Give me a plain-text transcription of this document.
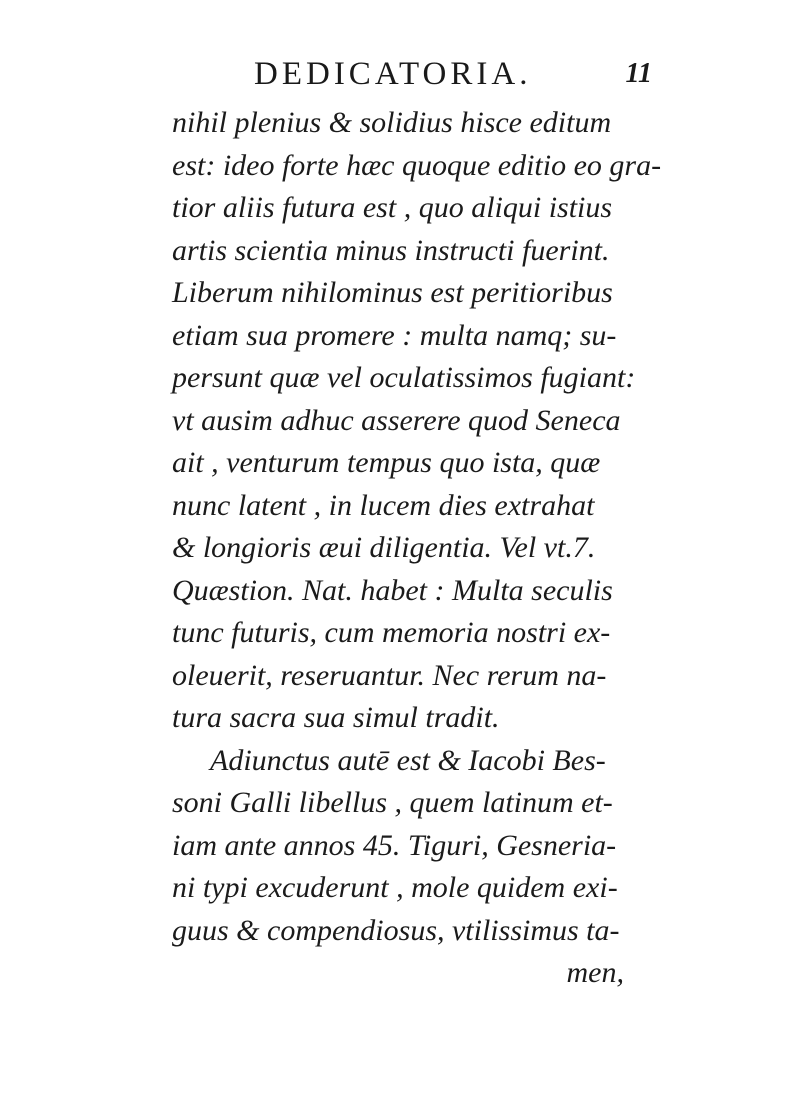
DEDICATORIA.	11
nihil plenius & solidius hisce editum
est: ideo forte hæc quoque editio eo gra-
tior aliis futura est , quo aliqui istius
artis scientia minus instructi fuerint.
Liberum nihilominus est peritioribus
etiam sua promere : multa namq; su-
persunt quæ vel oculatissimos fugiant:
vt ausim adhuc asserere quod Seneca
ait , venturum tempus quo ista, quæ
nunc latent , in lucem dies extrahat
& longioris æui diligentia. Vel vt.7.
Quæstion. Nat. habet : Multa seculis
tunc futuris, cum memoria nostri ex-
oleuerit, reseruantur. Nec rerum na-
tura sacra sua simul tradit.
Adiunctus autē est & Iacobi Bes-
soni Galli libellus , quem latinum et-
iam ante annos 45. Tiguri, Gesneria-
ni typi excuderunt , mole quidem exi-
guus & compendiosus, vtilissimus ta-
men,
